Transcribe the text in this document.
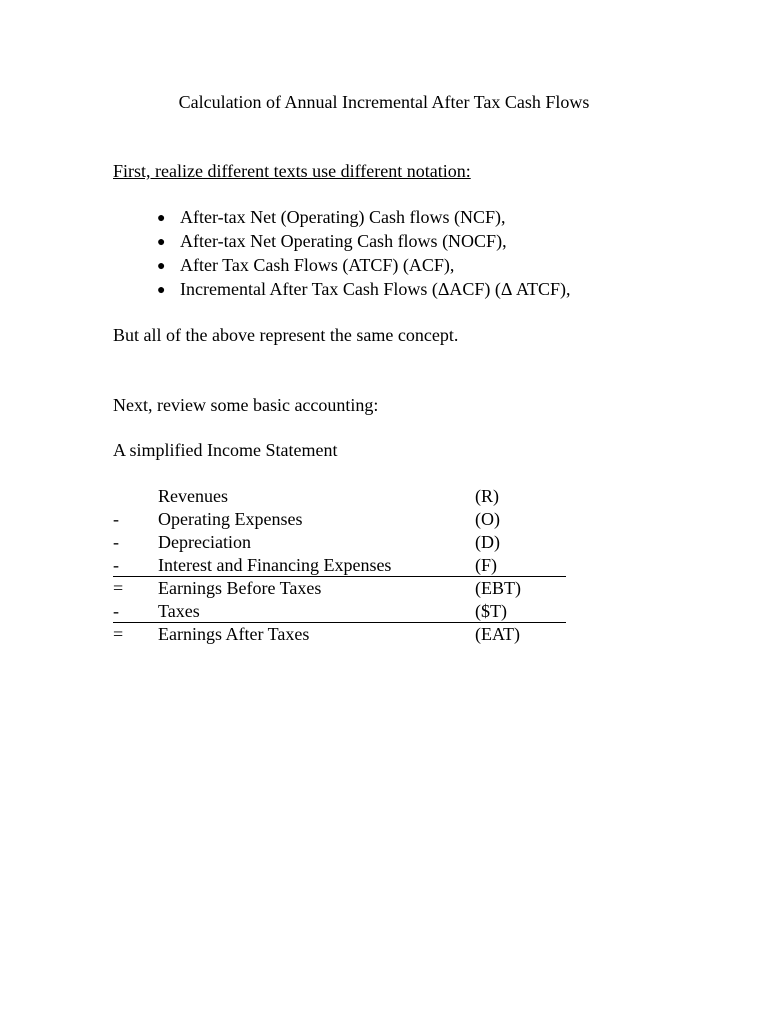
Calculation of Annual Incremental After Tax Cash Flows
First, realize different texts use different notation:
● After-tax Net (Operating) Cash flows (NCF),
● After-tax Net Operating Cash flows (NOCF),
● After Tax Cash Flows (ATCF) (ACF),
● Incremental After Tax Cash Flows (ΔACF) (Δ ATCF),
But all of the above represent the same concept.
Next, review some basic accounting:
A simplified Income Statement
Revenues	(R)
- Operating Expenses	(O)
- Depreciation	(D)
- Interest and Financing Expenses	(F)
= Earnings Before Taxes	(EBT)
- Taxes	($T)
= Earnings After Taxes	(EAT)
